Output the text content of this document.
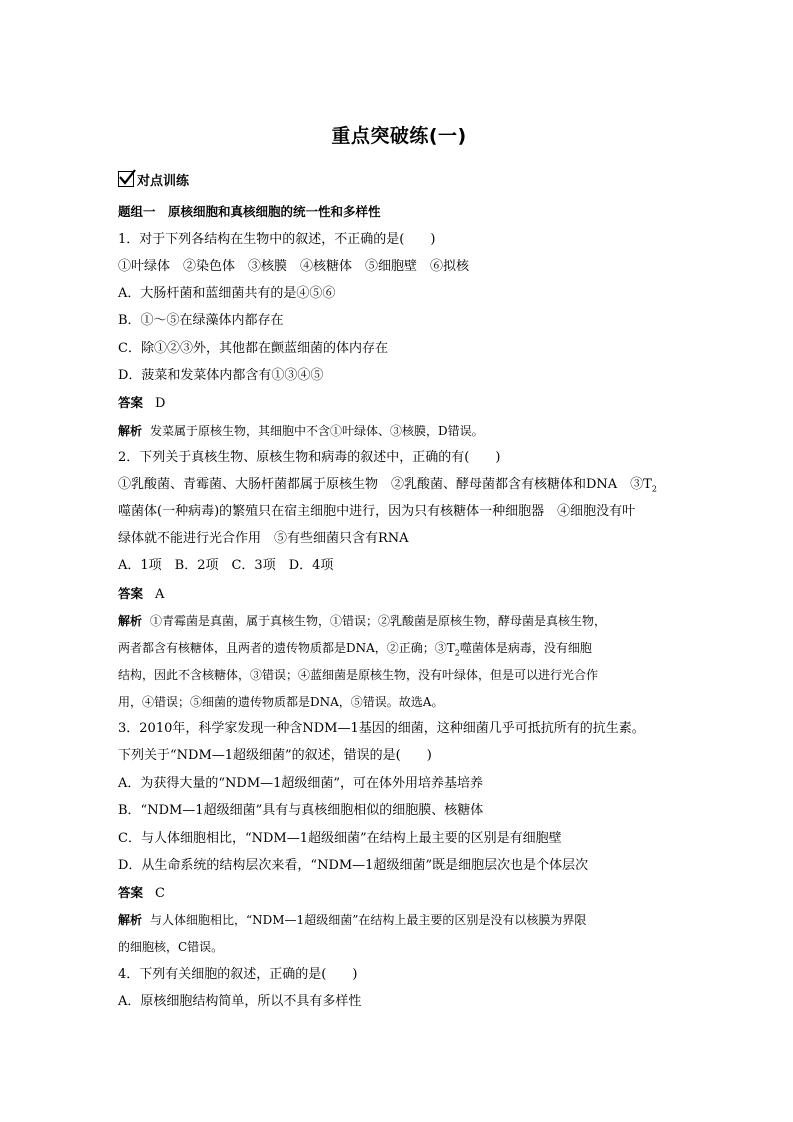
重点突破练(一)
对点训练
题组一　原核细胞和真核细胞的统一性和多样性
1．对于下列各结构在生物中的叙述，不正确的是(　　)
①叶绿体　②染色体　③核膜　④核糖体　⑤细胞壁　⑥拟核
A．大肠杆菌和蓝细菌共有的是④⑤⑥
B．①～⑤在绿藻体内都存在
C．除①②③外，其他都在颤蓝细菌的体内存在
D．菠菜和发菜体内都含有①③④⑤
答案 D
解析 发菜属于原核生物，其细胞中不含①叶绿体、③核膜，D错误。
2．下列关于真核生物、原核生物和病毒的叙述中，正确的有(　　)
①乳酸菌、青霉菌、大肠杆菌都属于原核生物　②乳酸菌、酵母菌都含有核糖体和DNA　$③T_2$
噬菌体(一种病毒)的繁殖只在宿主细胞中进行，因为只有核糖体一种细胞器　④细胞没有叶
绿体就不能进行光合作用　⑤有些细菌只含有RNA
A．1项　B．2项　C．3项　D．4项
答案 A
解析 ①青霉菌是真菌，属于真核生物，①错误；②乳酸菌是原核生物，酵母菌是真核生物，
两者都含有核糖体，且两者的遗传物质都是DNA，②正确；$③T_2$噬菌体是病毒，没有细胞
结构，因此不含核糖体，③错误；④蓝细菌是原核生物，没有叶绿体，但是可以进行光合作
用，④错误；⑤细菌的遗传物质都是DNA，⑤错误。故选A。
3．2010年，科学家发现一种含NDM—1基因的细菌，这种细菌几乎可抵抗所有的抗生素。
下列关于“NDM—1超级细菌”的叙述，错误的是(　　)
A．为获得大量的“NDM—1超级细菌”，可在体外用培养基培养
B．“NDM—1超级细菌”具有与真核细胞相似的细胞膜、核糖体
C．与人体细胞相比，“NDM—1超级细菌”在结构上最主要的区别是有细胞壁
D．从生命系统的结构层次来看，“NDM—1超级细菌”既是细胞层次也是个体层次
答案 C
解析 与人体细胞相比，“NDM—1超级细菌”在结构上最主要的区别是没有以核膜为界限
的细胞核，C错误。
4．下列有关细胞的叙述，正确的是(　　)
A．原核细胞结构简单，所以不具有多样性
